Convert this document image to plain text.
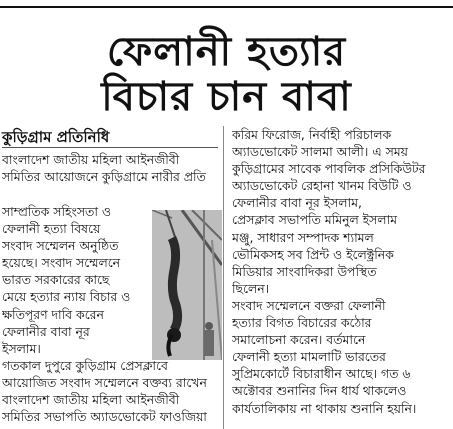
ফেলানী হত্যার
বিচার চান বাবা
কুড়িগ্রাম প্রতিনিধি
বাংলাদেশ জাতীয় মহিলা আইনজীবী
সমিতির আয়োজনে কুড়িগ্রামে নারীর প্রতি
সাম্প্রতিক সহিংসতা ও
ফেলানী হত্যা বিষয়ে
সংবাদ সম্মেলন অনুষ্ঠিত
হয়েছে। সংবাদ সম্মেলনে
ভারত সরকারের কাছে
মেয়ে হত্যার ন্যায় বিচার ও
ক্ষতিপূরণ দাবি করেন
ফেলানীর বাবা নূর
ইসলাম।
গতকাল দুপুরে কুড়িগ্রাম প্রেসক্লাবে
আয়োজিত সংবাদ সম্মেলনে বক্তব্য রাখেন
বাংলাদেশ জাতীয় মহিলা আইনজীবী
সমিতির সভাপতি অ্যাডভোকেট ফাওজিয়া
করিম ফিরোজ, নির্বাহী পরিচালক
অ্যাডভোকেট সালমা আলী। এ সময়
কুড়িগ্রামের সাবেক পাবলিক প্রসিকিউটর
অ্যাডভোকেট রেহানা খানম বিউটি ও
ফেলানীর বাবা নূর ইসলাম,
প্রেসক্লাব সভাপতি মমিনুল ইসলাম
মঞ্জু, সাধারণ সম্পাদক শ্যামল
ভৌমিকসহ সব প্রিন্ট ও ইলেক্ট্রনিক
মিডিয়ার সাংবাদিকরা উপস্থিত
ছিলেন।
সংবাদ সম্মেলনে বক্তরা ফেলানী
হত্যার বিগত বিচারের কঠোর
সমালোচনা করেন। বর্তমানে
ফেলানী হত্যা মামলাটি ভারতের
সুপ্রিমকোর্টে বিচারাধীন আছে। গত ৬
অক্টোবর শুনানির দিন ধার্য থাকলেও
কার্যতালিকায় না থাকায় শুনানি হয়নি।
